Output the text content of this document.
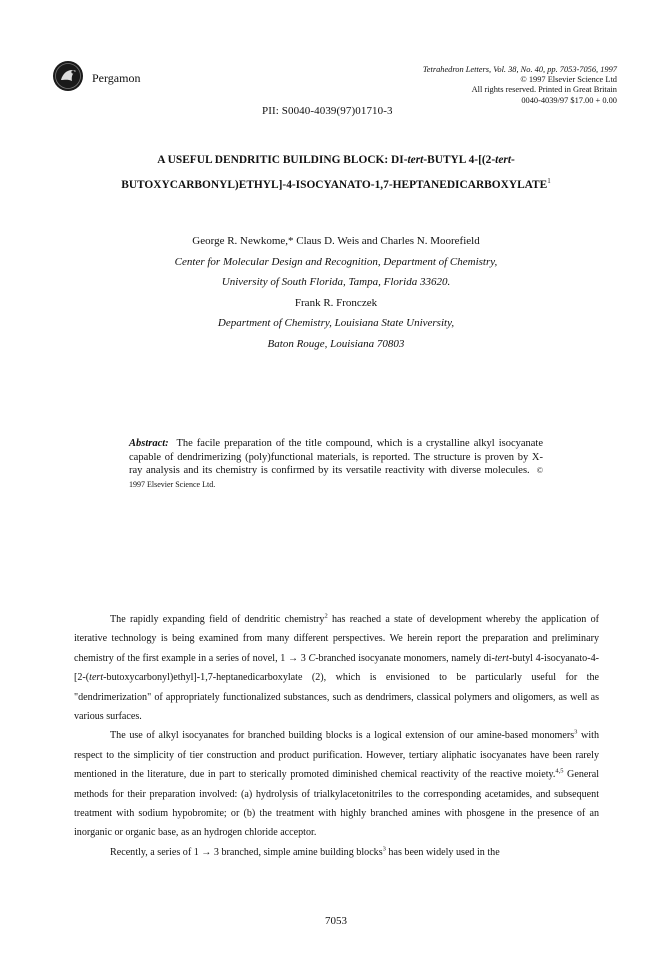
Pergamon
Tetrahedron Letters, Vol. 38, No. 40, pp. 7053-7056, 1997
© 1997 Elsevier Science Ltd
All rights reserved. Printed in Great Britain
0040-4039/97 $17.00 + 0.00
PII: S0040-4039(97)01710-3
A USEFUL DENDRITIC BUILDING BLOCK: DI-tert-BUTYL 4-[(2-tert-
BUTOXYCARBONYL)ETHYL]-4-ISOCYANATO-1,7-HEPTANEDICARBOXYLATE$^1$
George R. Newkome,* Claus D. Weis and Charles N. Moorefield
Center for Molecular Design and Recognition, Department of Chemistry,
University of South Florida, Tampa, Florida 33620.
Frank R. Fronczek
Department of Chemistry, Louisiana State University,
Baton Rouge, Louisiana 70803
Abstract: The facile preparation of the title compound, which is a crystalline alkyl isocyanate capable of dendrimerizing (poly)functional materials, is reported. The structure is proven by X-ray analysis and its chemistry is confirmed by its versatile reactivity with diverse molecules. © 1997 Elsevier Science Ltd.

The rapidly expanding field of dendritic chemistry$^2$ has reached a state of development whereby the application of iterative technology is being examined from many different perspectives. We herein report the preparation and preliminary chemistry of the first example in a series of novel, 1 → 3 C-branched isocyanate monomers, namely di-tert-butyl 4-isocyanato-4-[2-(tert-butoxycarbonyl)ethyl]-1,7-heptanedicarboxylate (2), which is envisioned to be particularly useful for the "dendrimerization" of appropriately functionalized substances, such as dendrimers, classical polymers and oligomers, as well as various surfaces.

The use of alkyl isocyanates for branched building blocks is a logical extension of our amine-based monomers$^3$ with respect to the simplicity of tier construction and product purification. However, tertiary aliphatic isocyanates have been rarely mentioned in the literature, due in part to sterically promoted diminished chemical reactivity of the reactive moiety.$^{4,5}$ General methods for their preparation involved: (a) hydrolysis of trialkylacetonitriles to the corresponding acetamides, and subsequent treatment with sodium hypobromite; or (b) the treatment with highly branched amines with phosgene in the presence of an inorganic or organic base, as an hydrogen chloride acceptor.

Recently, a series of 1 → 3 branched, simple amine building blocks$^3$ has been widely used in the

7053
